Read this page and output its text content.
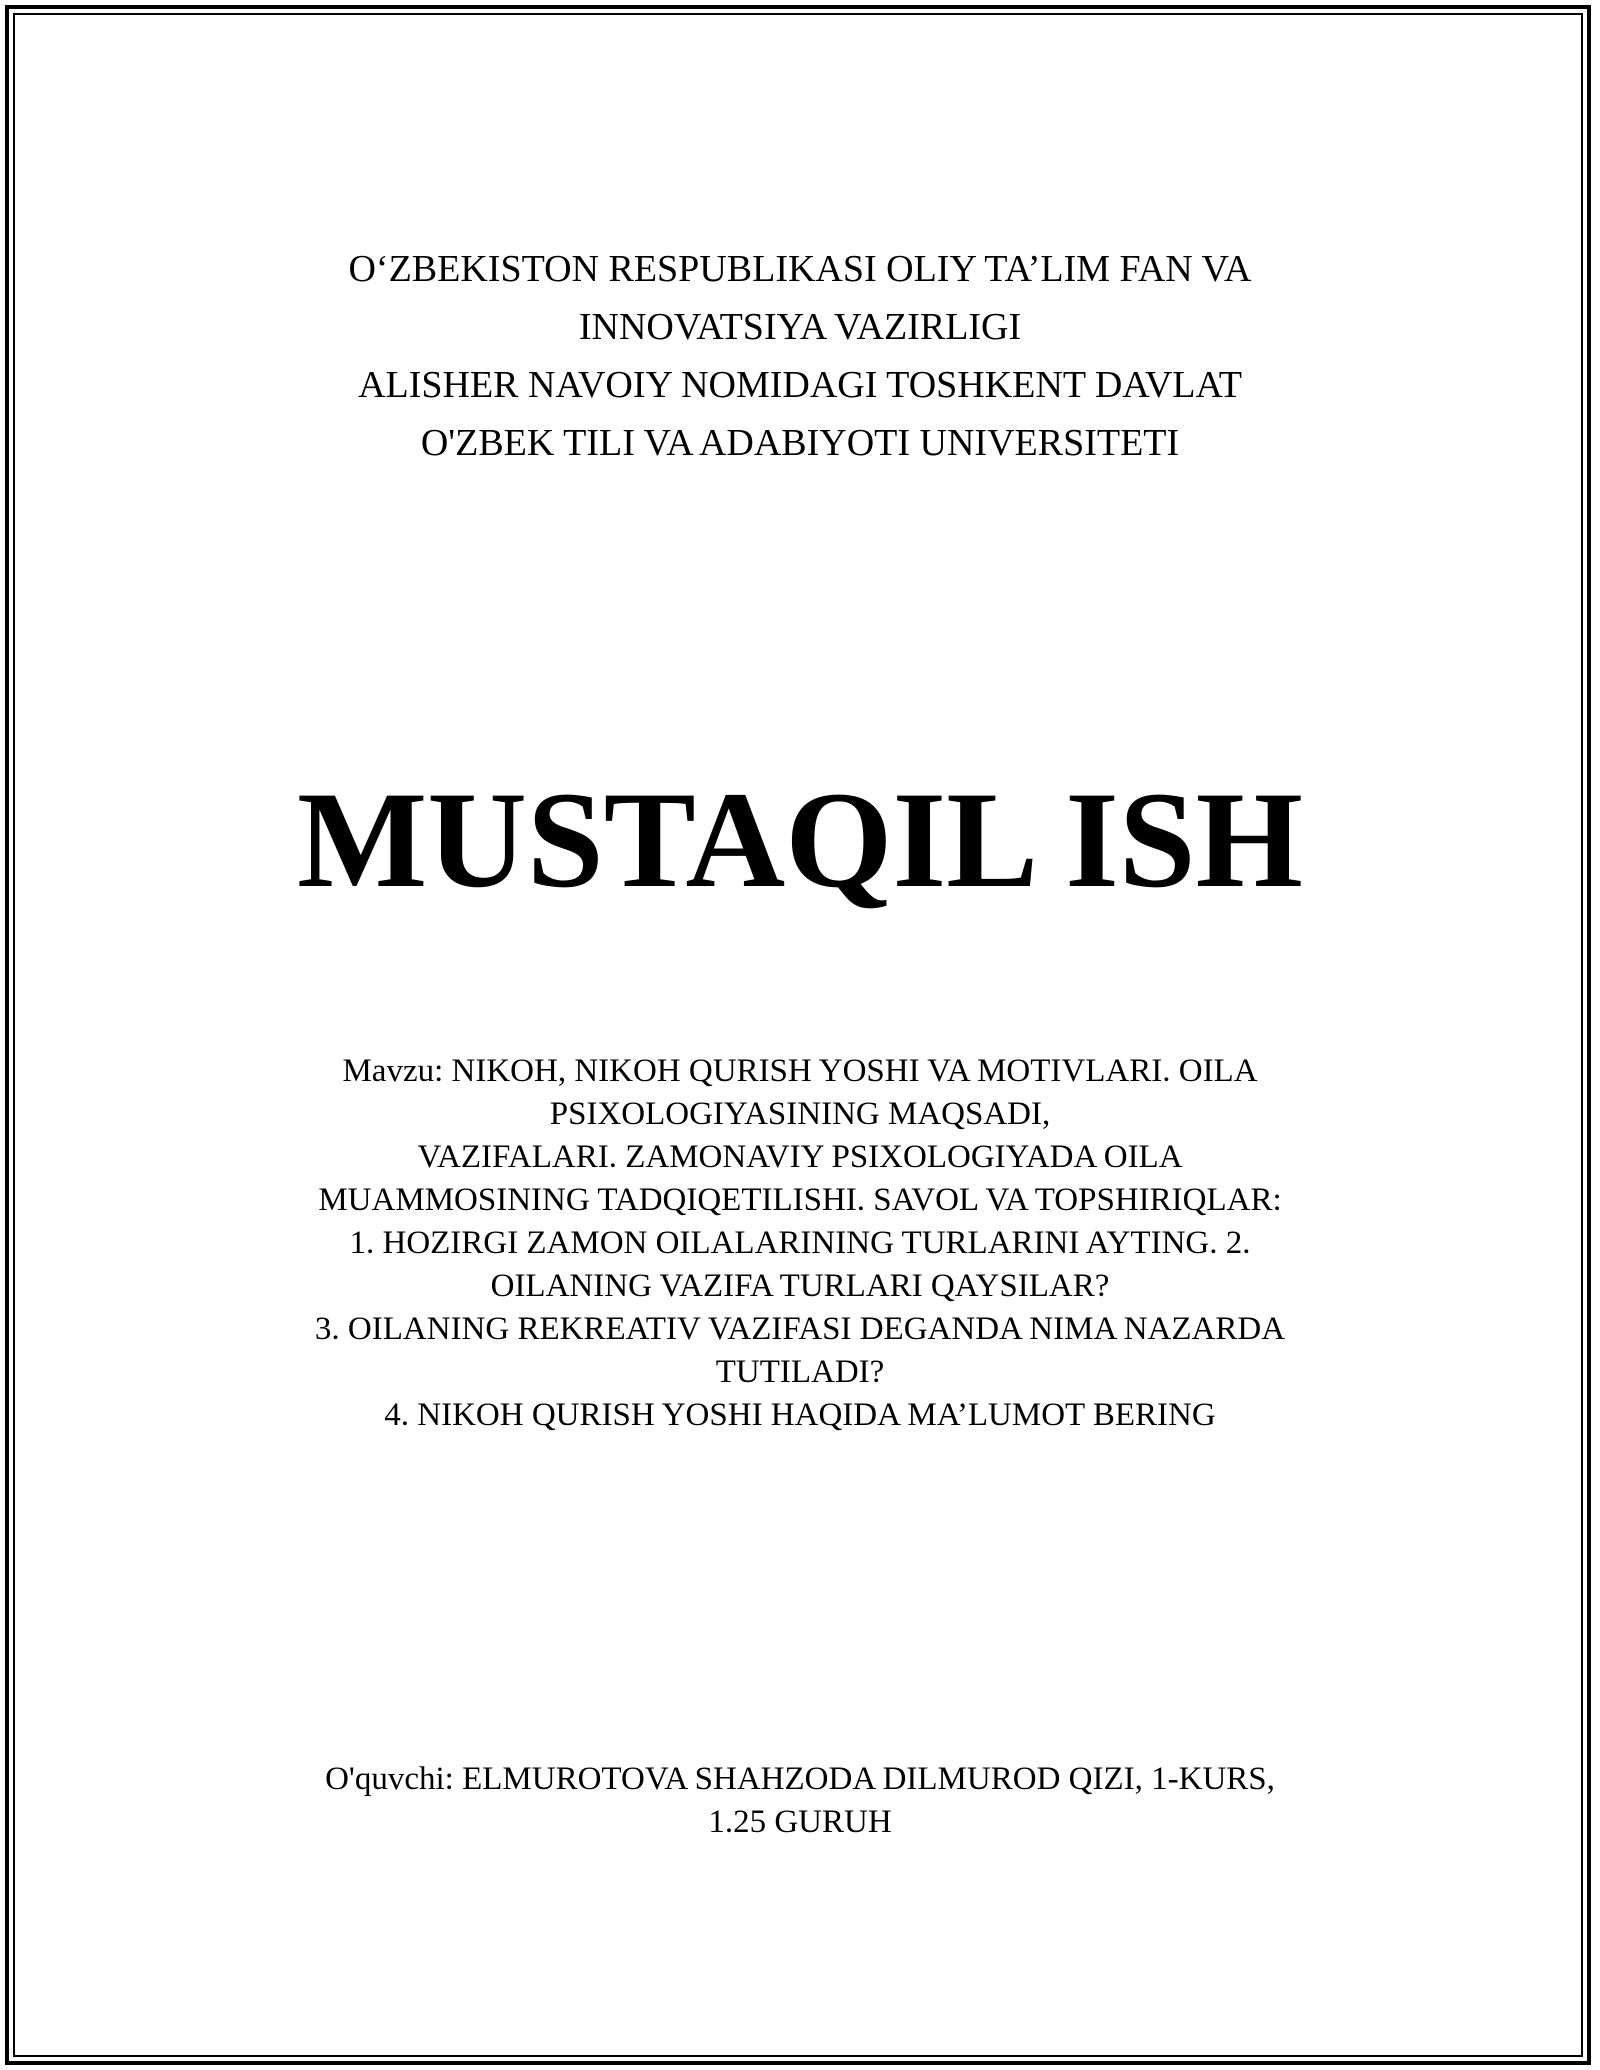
O‘ZBEKISTON RESPUBLIKASI OLIY TA’LIM FAN VA
INNOVATSIYA VAZIRLIGI
ALISHER NAVOIY NOMIDAGI TOSHKENT DAVLAT
O'ZBEK TILI VA ADABIYOTI UNIVERSITETI
MUSTAQIL ISH
Mavzu: NIKOH, NIKOH QURISH YOSHI VA MOTIVLARI. OILA
PSIXOLOGIYASINING MAQSADI,
VAZIFALARI. ZAMONAVIY PSIXOLOGIYADA OILA
MUAMMOSINING TADQIQETILISHI. SAVOL VA TOPSHIRIQLAR:
1. HOZIRGI ZAMON OILALARINING TURLARINI AYTING. 2.
OILANING VAZIFA TURLARI QAYSILAR?
3. OILANING REKREATIV VAZIFASI DEGANDA NIMA NAZARDA
TUTILADI?
4. NIKOH QURISH YOSHI HAQIDA MA’LUMOT BERING
O'quvchi: ELMUROTOVA SHAHZODA DILMUROD QIZI, 1-KURS,
1.25 GURUH
